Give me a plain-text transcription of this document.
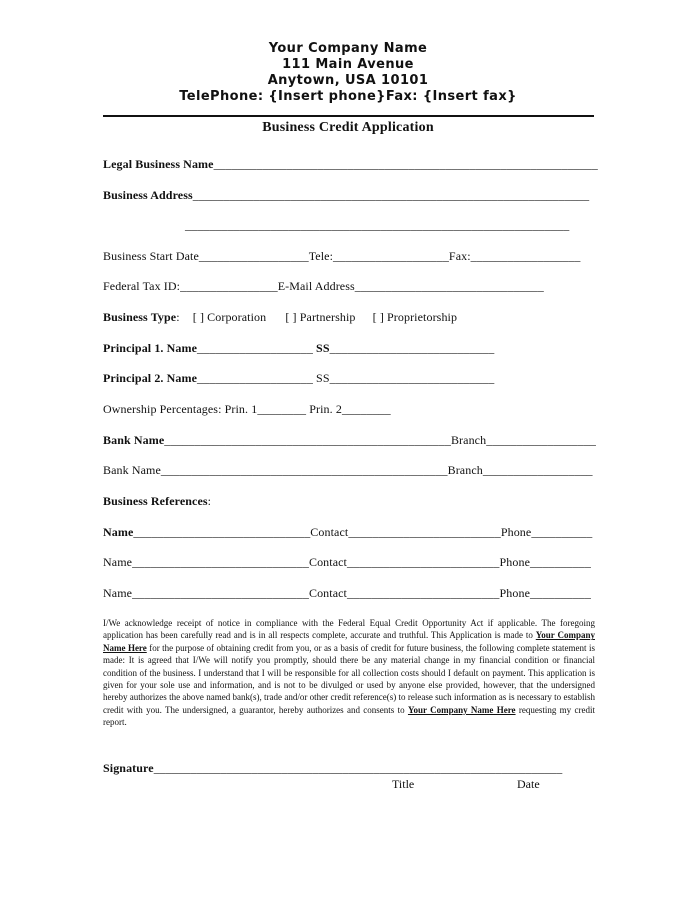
Your Company Name
111 Main Avenue
Anytown, USA 10101
TelePhone: {Insert phone}Fax: {Insert fax}
Business Credit Application
Legal Business Name_______________________________________________________________
Business Address_________________________________________________________________
_______________________________________________________________
Business Start Date__________________Tele:___________________Fax:__________________
Federal Tax ID:________________E-Mail Address_______________________________
Business Type: [ ] Corporation [ ] Partnership [ ] Proprietorship
Principal 1. Name___________________ SS___________________________
Principal 2. Name___________________ SS___________________________
Ownership Percentages: Prin. 1________ Prin. 2________
Bank Name_______________________________________________Branch__________________
Bank Name_______________________________________________Branch__________________
Business References:
Name_____________________________Contact_________________________Phone__________
Name_____________________________Contact_________________________Phone__________
Name_____________________________Contact_________________________Phone__________
I/We acknowledge receipt of notice in compliance with the Federal Equal Credit Opportunity Act if applicable. The foregoing application has been carefully read and is in all respects complete, accurate and truthful. This Application is made to Your Company Name Here for the purpose of obtaining credit from you, or as a basis of credit for future business, the following complete statement is made: It is agreed that I/We will notify you promptly, should there be any material change in my financial condition or financial condition of the business. I understand that I will be responsible for all collection costs should I default on payment. This application is given for your sole use and information, and is not to be divulged or used by anyone else provided, however, that the undersigned hereby authorizes the above named bank(s), trade and/or other credit reference(s) to release such information as is necessary to establish credit with you. The undersigned, a guarantor, hereby authorizes and consents to Your Company Name Here requesting my credit report.
Signature___________________________________________________________________
Title	Date
